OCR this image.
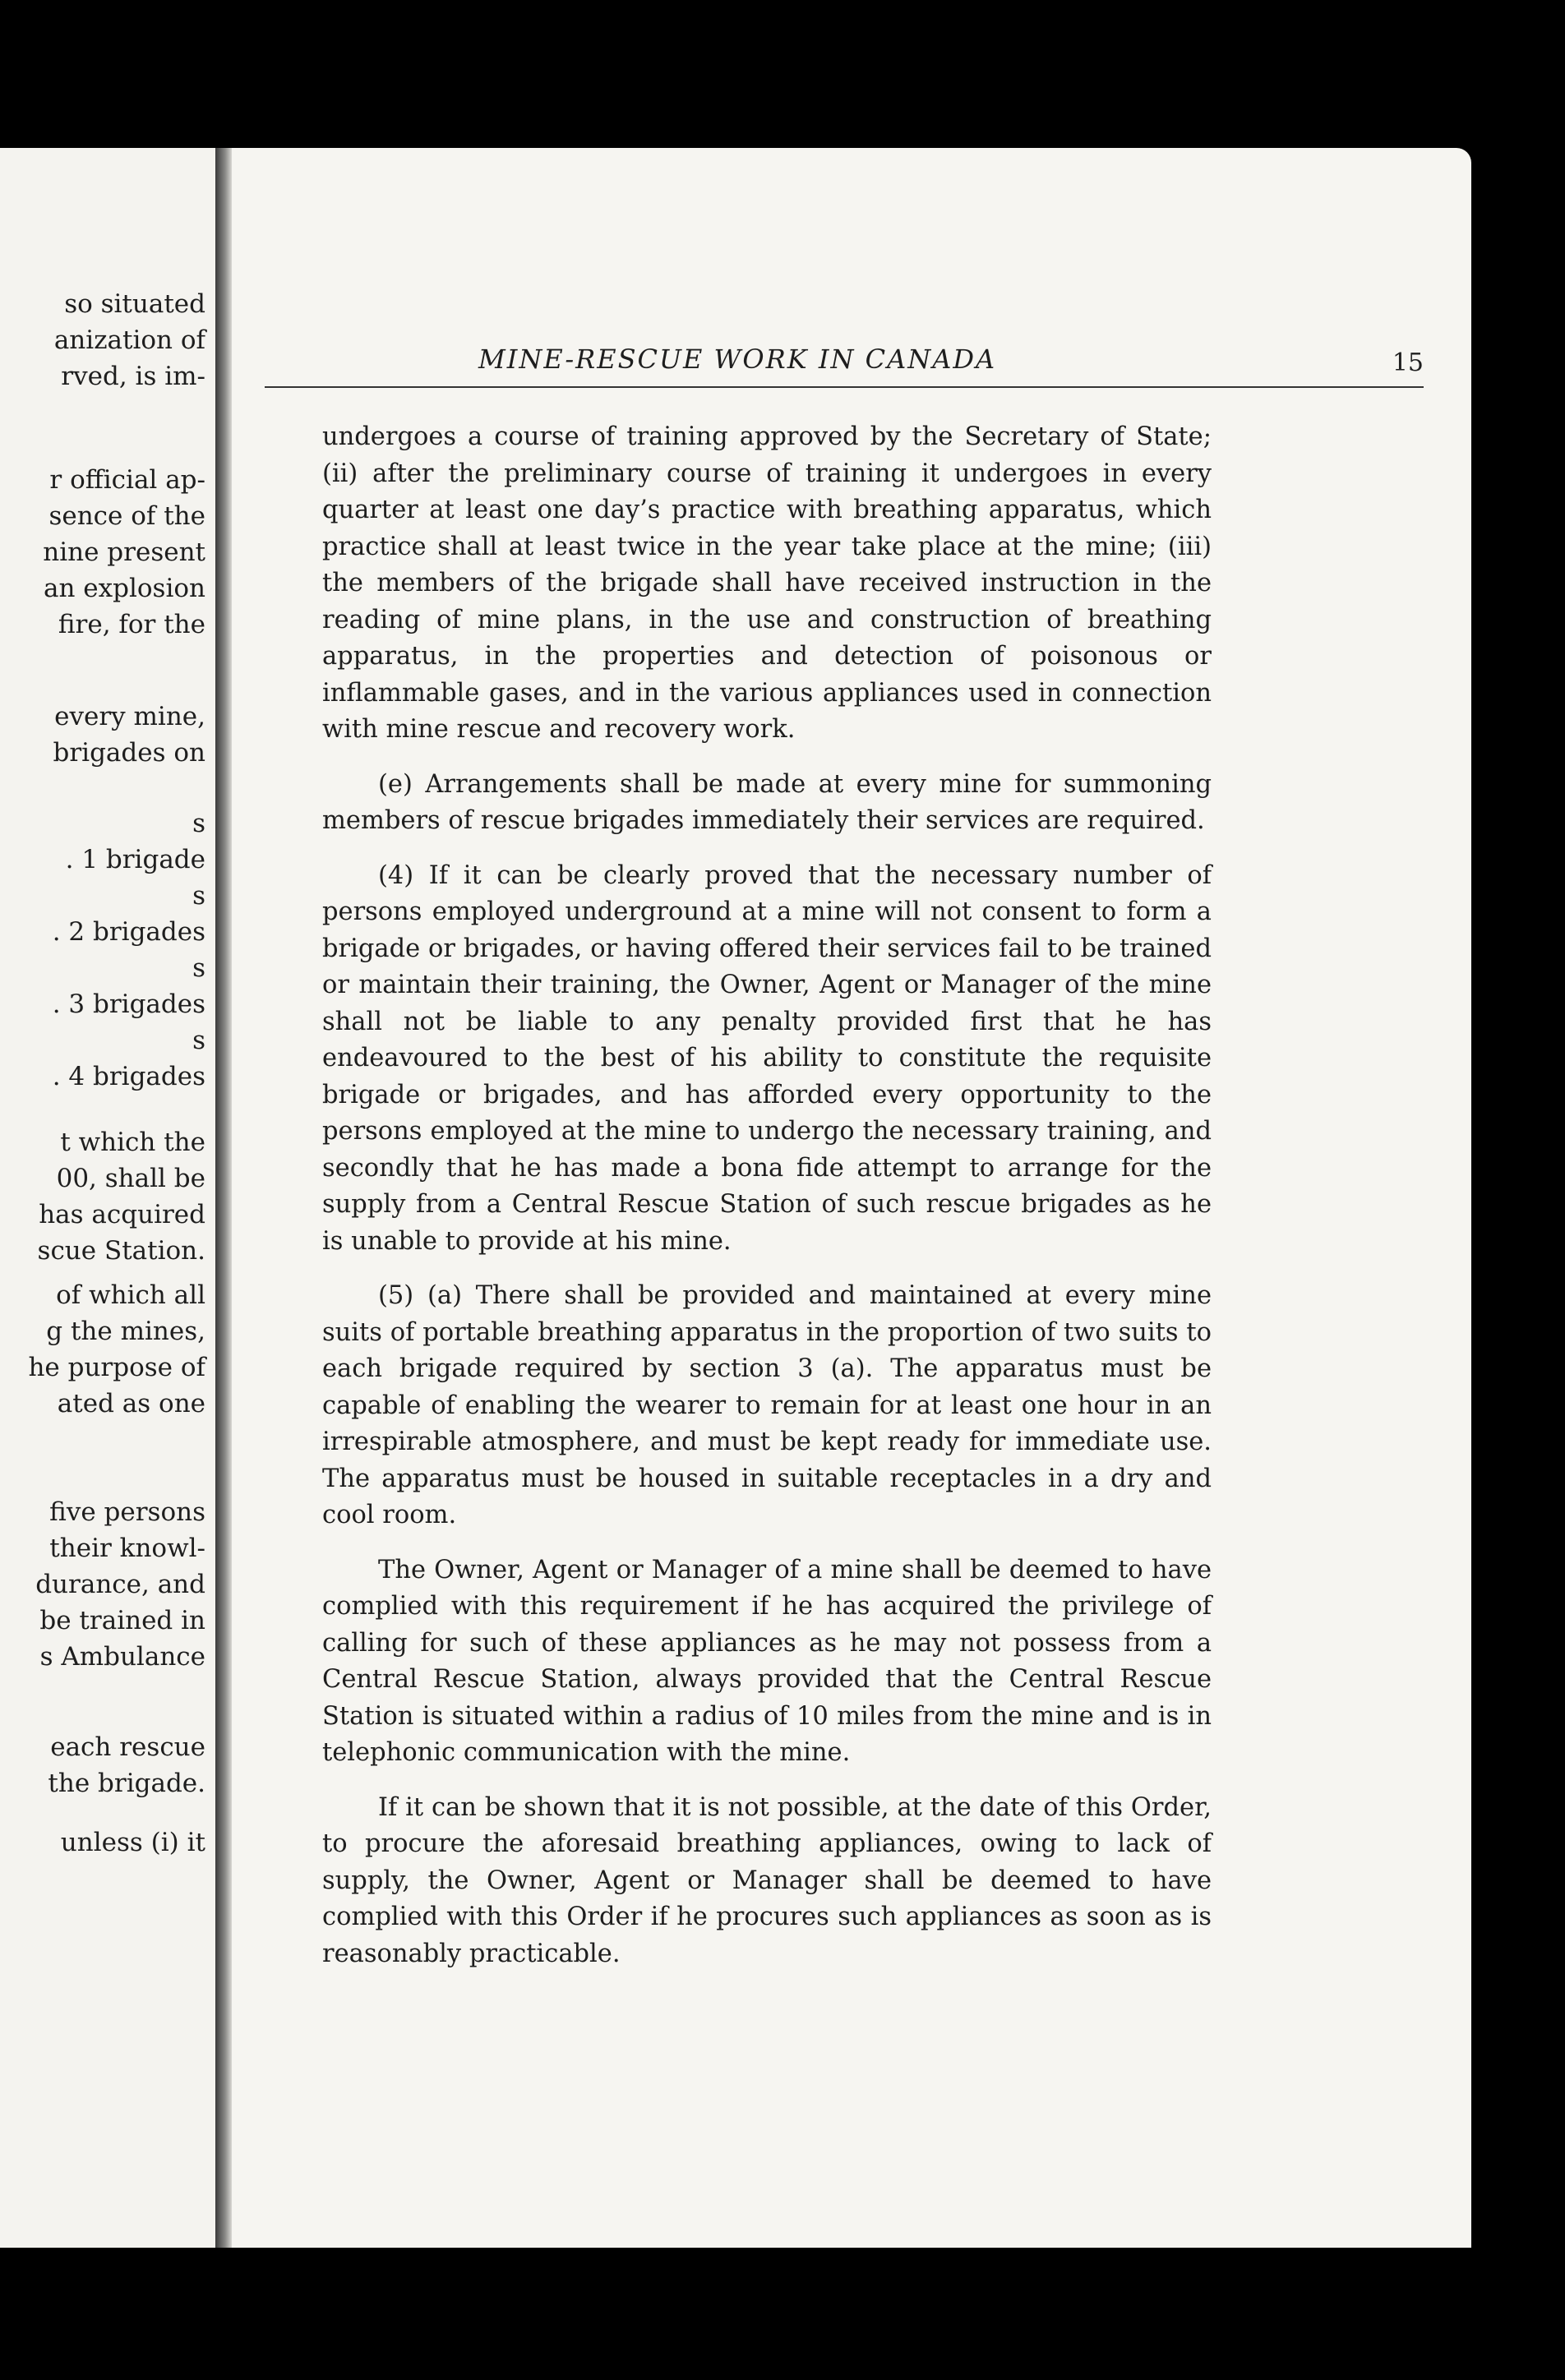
so situated
anization of
rved, is im-
r official ap-
sence of the
nine present
an explosion
fire, for the
every mine,
brigades on
s
. 1 brigade
s
. 2 brigades
s
. 3 brigades
s
. 4 brigades
t which the
00, shall be
has acquired
scue Station.
of which all
g the mines,
he purpose of
ated as one
five persons
their knowl-
durance, and
be trained in
s Ambulance
each rescue
the brigade.
unless (i) it
MINE-RESCUE WORK IN CANADA	15

undergoes a course of training approved by the Secretary of State; (ii) after the preliminary course of training it undergoes in every quarter at least one day’s practice with breathing apparatus, which practice shall at least twice in the year take place at the mine; (iii) the members of the brigade shall have received instruction in the reading of mine plans, in the use and construction of breathing apparatus, in the properties and detection of poisonous or inflammable gases, and in the various appliances used in connection with mine rescue and recovery work.

(e) Arrangements shall be made at every mine for summoning members of rescue brigades immediately their services are required.

(4) If it can be clearly proved that the necessary number of persons employed underground at a mine will not consent to form a brigade or brigades, or having offered their services fail to be trained or maintain their training, the Owner, Agent or Manager of the mine shall not be liable to any penalty provided first that he has endeavoured to the best of his ability to constitute the requisite brigade or brigades, and has afforded every opportunity to the persons employed at the mine to undergo the necessary training, and secondly that he has made a bona fide attempt to arrange for the supply from a Central Rescue Station of such rescue brigades as he is unable to provide at his mine.

(5) (a) There shall be provided and maintained at every mine suits of portable breathing apparatus in the proportion of two suits to each brigade required by section 3 (a). The apparatus must be capable of enabling the wearer to remain for at least one hour in an irrespirable atmosphere, and must be kept ready for immediate use. The apparatus must be housed in suitable receptacles in a dry and cool room.

The Owner, Agent or Manager of a mine shall be deemed to have complied with this requirement if he has acquired the privilege of calling for such of these appliances as he may not possess from a Central Rescue Station, always provided that the Central Rescue Station is situated within a radius of 10 miles from the mine and is in telephonic communication with the mine.

If it can be shown that it is not possible, at the date of this Order, to procure the aforesaid breathing appliances, owing to lack of supply, the Owner, Agent or Manager shall be deemed to have complied with this Order if he procures such appliances as soon as is reasonably practicable.
